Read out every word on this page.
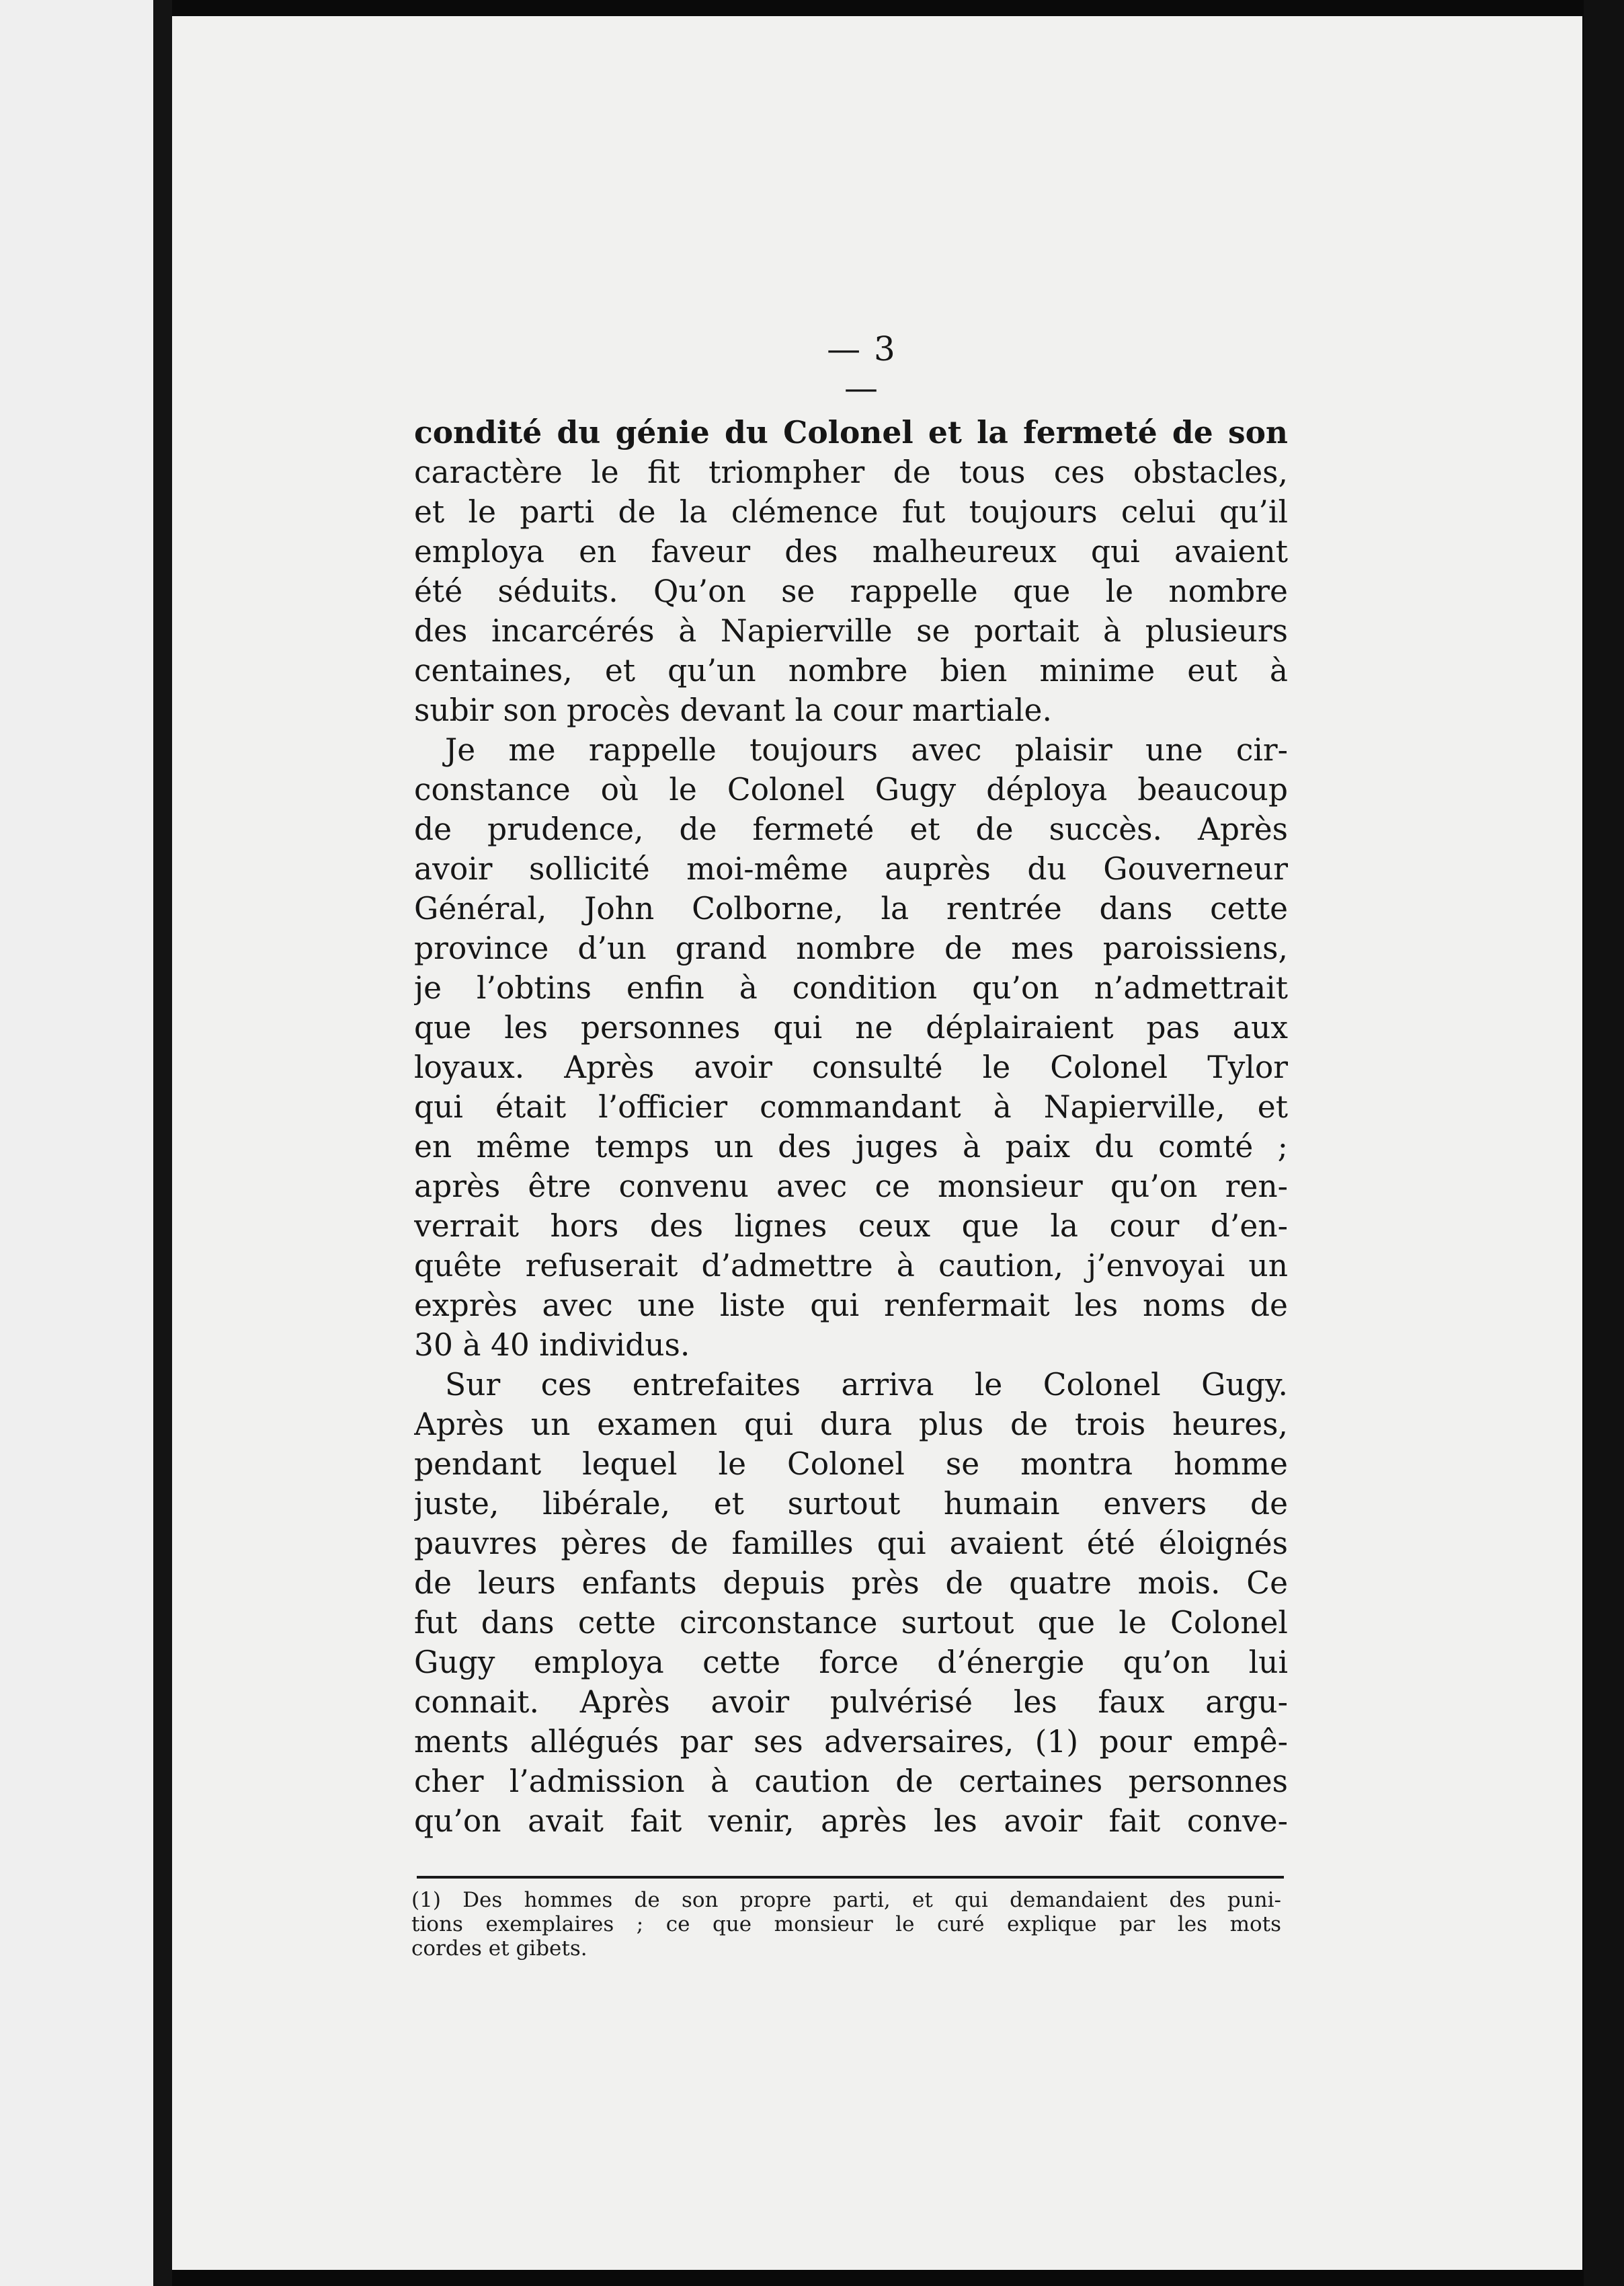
— 3 —
condité du génie du Colonel et la fermeté de son
caractère le fit triompher de tous ces obstacles,
et le parti de la clémence fut toujours celui qu’il
employa en faveur des malheureux qui avaient
été séduits. Qu’on se rappelle que le nombre
des incarcérés à Napierville se portait à plusieurs
centaines, et qu’un nombre bien minime eut à
subir son procès devant la cour martiale.
Je me rappelle toujours avec plaisir une cir-
constance où le Colonel Gugy déploya beaucoup
de prudence, de fermeté et de succès. Après
avoir sollicité moi-même auprès du Gouverneur
Général, John Colborne, la rentrée dans cette
province d’un grand nombre de mes paroissiens,
je l’obtins enfin à condition qu’on n’admettrait
que les personnes qui ne déplairaient pas aux
loyaux. Après avoir consulté le Colonel Tylor
qui était l’officier commandant à Napierville, et
en même temps un des juges à paix du comté ;
après être convenu avec ce monsieur qu’on ren-
verrait hors des lignes ceux que la cour d’en-
quête refuserait d’admettre à caution, j’envoyai un
exprès avec une liste qui renfermait les noms de
30 à 40 individus.
Sur ces entrefaites arriva le Colonel Gugy.
Après un examen qui dura plus de trois heures,
pendant lequel le Colonel se montra homme
juste, libérale, et surtout humain envers de
pauvres pères de familles qui avaient été éloignés
de leurs enfants depuis près de quatre mois. Ce
fut dans cette circonstance surtout que le Colonel
Gugy employa cette force d’énergie qu’on lui
connait. Après avoir pulvérisé les faux argu-
ments allégués par ses adversaires, (1) pour empê-
cher l’admission à caution de certaines personnes
qu’on avait fait venir, après les avoir fait conve-
(1) Des hommes de son propre parti, et qui demandaient des puni-
tions exemplaires ; ce que monsieur le curé explique par les mots
cordes et gibets.
